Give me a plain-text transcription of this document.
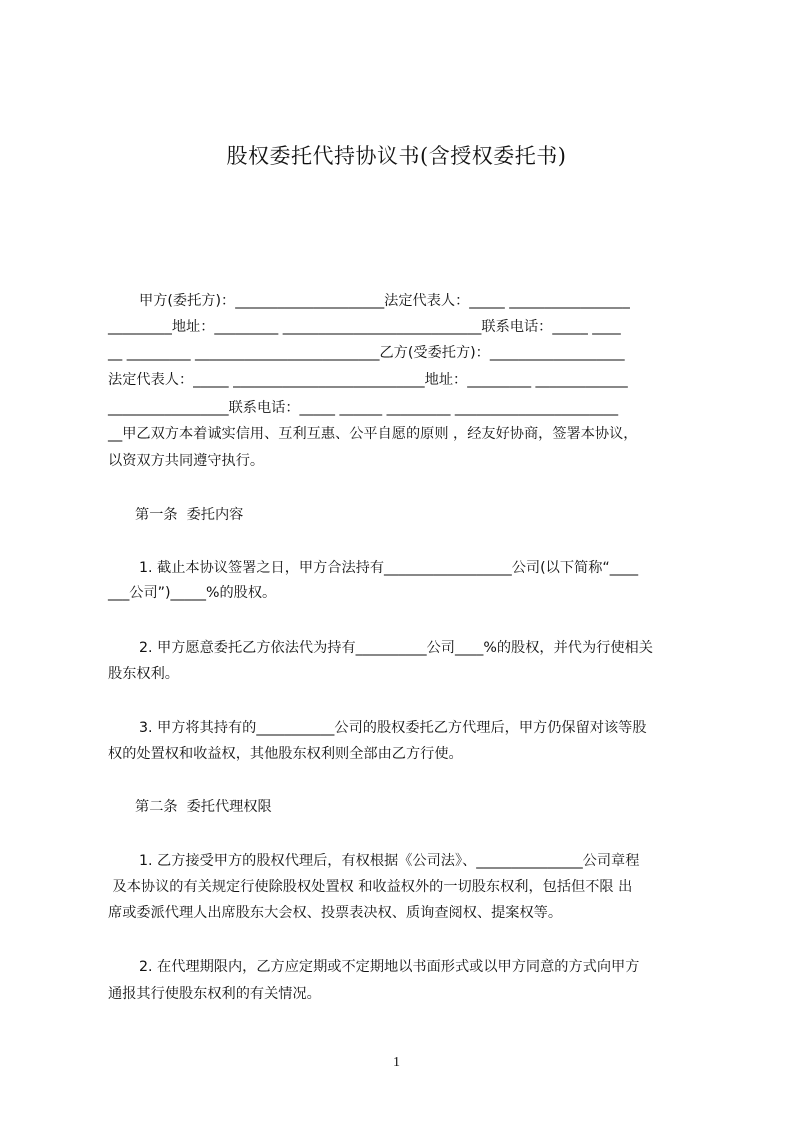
股权委托代持协议书(含授权委托书)
甲方(委托方)：_____________________法定代表人：_____ _________________
_________地址：_________ ____________________________联系电话：_____ ____
__ _________ __________________________乙方(受委托方)：___________________
法定代表人：_____ ___________________________地址：_________ _____________
_________________联系电话：_____ ______ _________ _______________________
__甲乙双方本着诚实信用、互利互惠、公平自愿的原则 ，经友好协商，签署本协议，
以资双方共同遵守执行。
第一条  委托内容
1. 截止本协议签署之日，甲方合法持有__________________公司(以下简称“____
___公司”)_____%的股权。
2. 甲方愿意委托乙方依法代为持有__________公司____%的股权，并代为行使相关
股东权利。
3. 甲方将其持有的___________公司的股权委托乙方代理后，甲方仍保留对该等股
权的处置权和收益权，其他股东权利则全部由乙方行使。
第二条  委托代理权限
1. 乙方接受甲方的股权代理后，有权根据《公司法》、_______________公司章程
及本协议的有关规定行使除股权处置权 和收益权外的一切股东权利，包括但不限 出
席或委派代理人出席股东大会权、投票表决权、质询查阅权、提案权等。
2. 在代理期限内，乙方应定期或不定期地以书面形式或以甲方同意的方式向甲方
通报其行使股东权利的有关情况。
1
